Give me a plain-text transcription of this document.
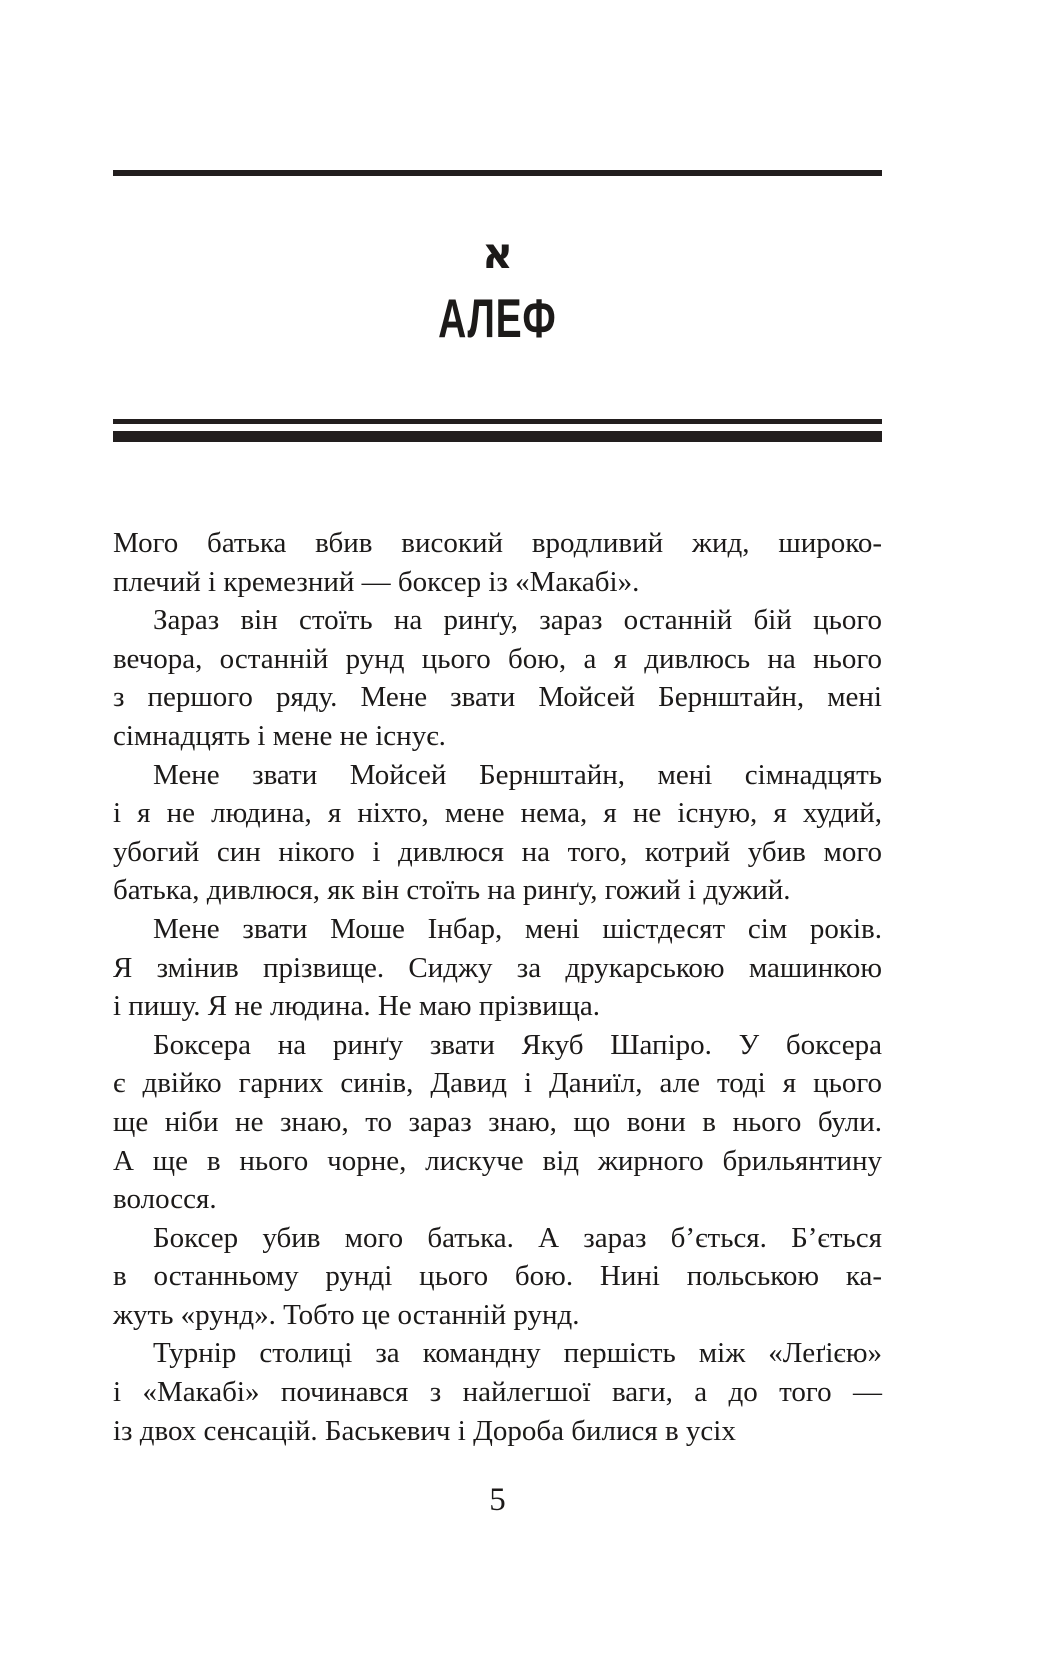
א
АЛЕФ
Мого батька вбив високий вродливий жид, широко-
плечий і кремезний — боксер із «Макабі».
Зараз він стоїть на ринґу, зараз останній бій цього
вечора, останній рунд цього бою, а я дивлюсь на нього
з першого ряду. Мене звати Мойсей Бернштайн, мені
сімнадцять і мене не існує.
Мене звати Мойсей Бернштайн, мені сімнадцять
і я не людина, я ніхто, мене нема, я не існую, я худий,
убогий син нікого і дивлюся на того, котрий убив мого
батька, дивлюся, як він стоїть на ринґу, гожий і дужий.
Мене звати Моше Інбар, мені шістдесят сім років.
Я змінив прізвище. Сиджу за друкарською машинкою
і пишу. Я не людина. Не маю прізвища.
Боксера на ринґу звати Якуб Шапіро. У боксера
є двійко гарних синів, Давид і Даниїл, але тоді я цього
ще ніби не знаю, то зараз знаю, що вони в нього були.
А ще в нього чорне, лискуче від жирного брильянтину
волосся.
Боксер убив мого батька. А зараз б’ється. Б’ється
в останньому рунді цього бою. Нині польською ка-
жуть «рунд». Тобто це останній рунд.
Турнір столиці за командну першість між «Леґією»
і «Макабі» починався з найлегшої ваги, а до того —
із двох сенсацій. Баськевич і Дороба билися в усіх
5
